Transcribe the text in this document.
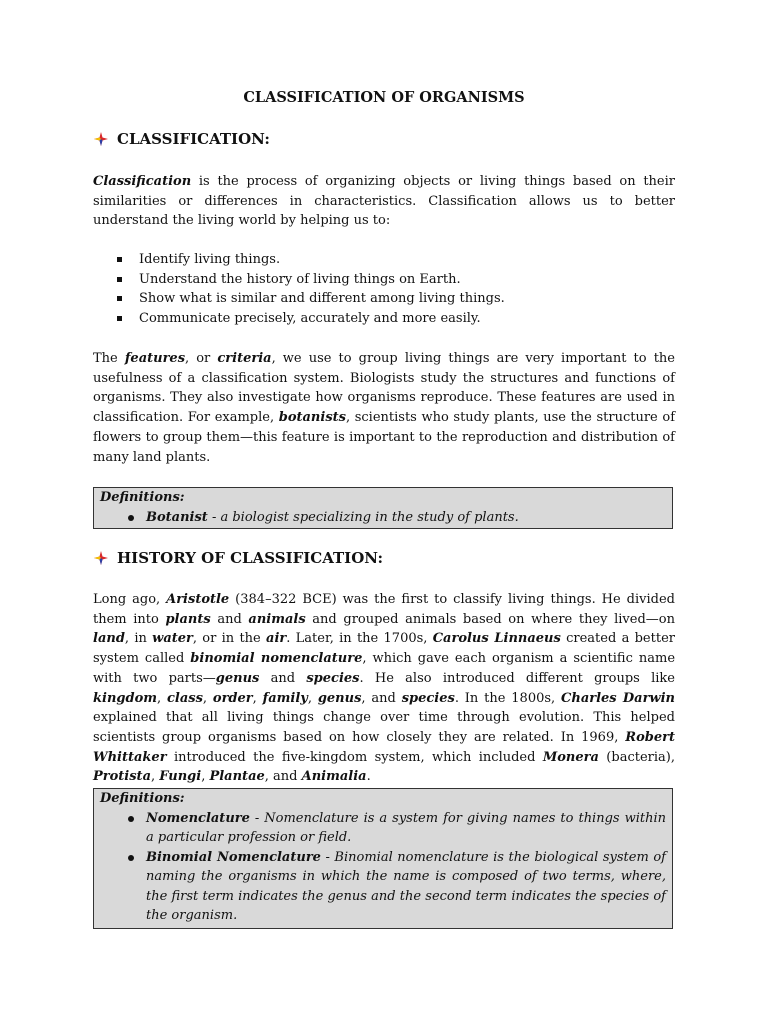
CLASSIFICATION OF ORGANISMS
CLASSIFICATION:

Classification is the process of organizing objects or living things based on their similarities or differences in characteristics. Classification allows us to better understand the living world by helping us to:

Identify living things.
Understand the history of living things on Earth.
Show what is similar and different among living things.
Communicate precisely, accurately and more easily.

The features, or criteria, we use to group living things are very important to the usefulness of a classification system. Biologists study the structures and functions of organisms. They also investigate how organisms reproduce. These features are used in classification. For example, botanists, scientists who study plants, use the structure of flowers to group them—this feature is important to the reproduction and distribution of many land plants.

Definitions:
Botanist - a biologist specializing in the study of plants.
HISTORY OF CLASSIFICATION:

Long ago, Aristotle (384–322 BCE) was the first to classify living things. He divided them into plants and animals and grouped animals based on where they lived—on land, in water, or in the air. Later, in the 1700s, Carolus Linnaeus created a better system called binomial nomenclature, which gave each organism a scientific name with two parts—genus and species. He also introduced different groups like kingdom, class, order, family, genus, and species. In the 1800s, Charles Darwin explained that all living things change over time through evolution. This helped scientists group organisms based on how closely they are related. In 1969, Robert Whittaker introduced the five-kingdom system, which included Monera (bacteria), Protista, Fungi, Plantae, and Animalia.

Definitions:
Nomenclature - Nomenclature is a system for giving names to things within a particular profession or field.
Binomial Nomenclature - Binomial nomenclature is the biological system of naming the organisms in which the name is composed of two terms, where, the first term indicates the genus and the second term indicates the species of the organism.
